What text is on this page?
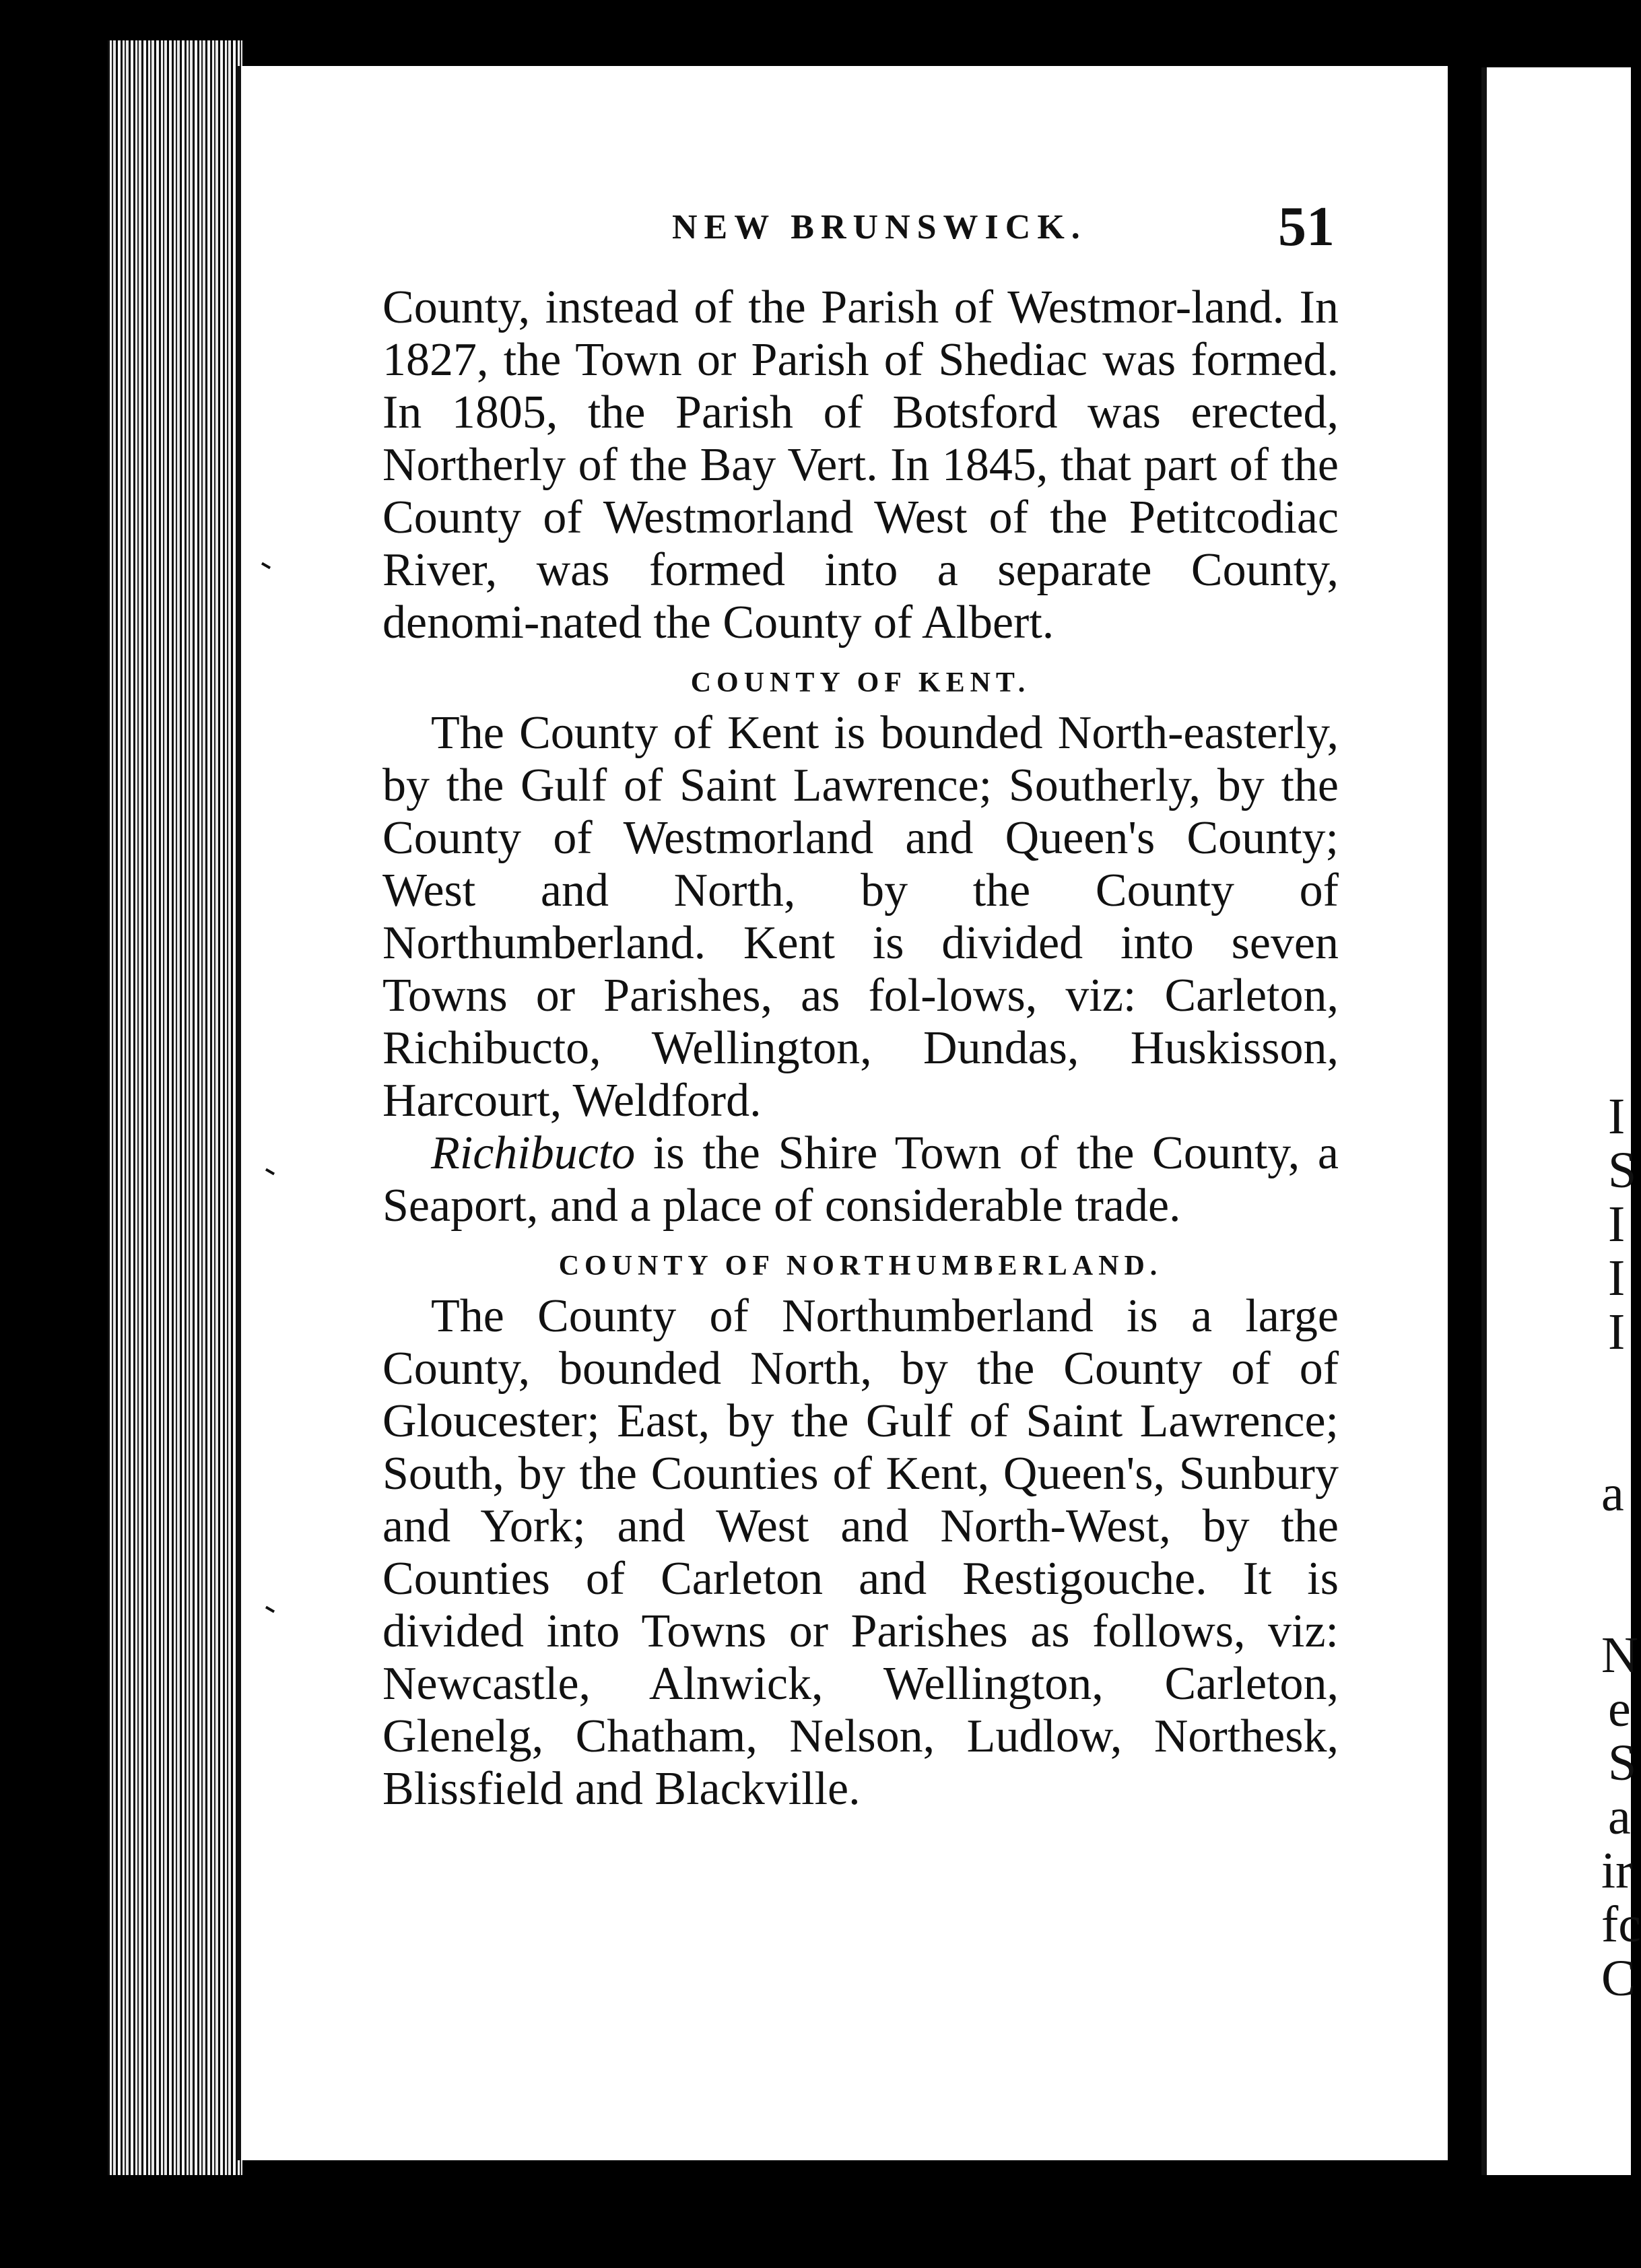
NEW BRUNSWICK.	51

County, instead of the Parish of Westmor-land. In 1827, the Town or Parish of Shediac was formed. In 1805, the Parish of Botsford was erected, Northerly of the Bay Vert. In 1845, that part of the County of Westmorland West of the Petitcodiac River, was formed into a separate County, denomi-nated the County of Albert.

COUNTY OF KENT.

The County of Kent is bounded North-easterly, by the Gulf of Saint Lawrence; Southerly, by the County of Westmorland and Queen's County; West and North, by the County of Northumberland. Kent is divided into seven Towns or Parishes, as fol-lows, viz: Carleton, Richibucto, Wellington, Dundas, Huskisson, Harcourt, Weldford.

Richibucto is the Shire Town of the County, a Seaport, and a place of considerable trade.

COUNTY OF NORTHUMBERLAND.

The County of Northumberland is a large County, bounded North, by the County of of Gloucester; East, by the Gulf of Saint Lawrence; South, by the Counties of Kent, Queen's, Sunbury and York; and West and North-West, by the Counties of Carleton and Restigouche. It is divided into Towns or Parishes as follows, viz: Newcastle, Alnwick, Wellington, Carleton, Glenelg, Chatham, Nelson, Ludlow, Northesk, Blissfield and Blackville.

I
S
I
I
I
a
N
e
S
a
ir
fc
C
